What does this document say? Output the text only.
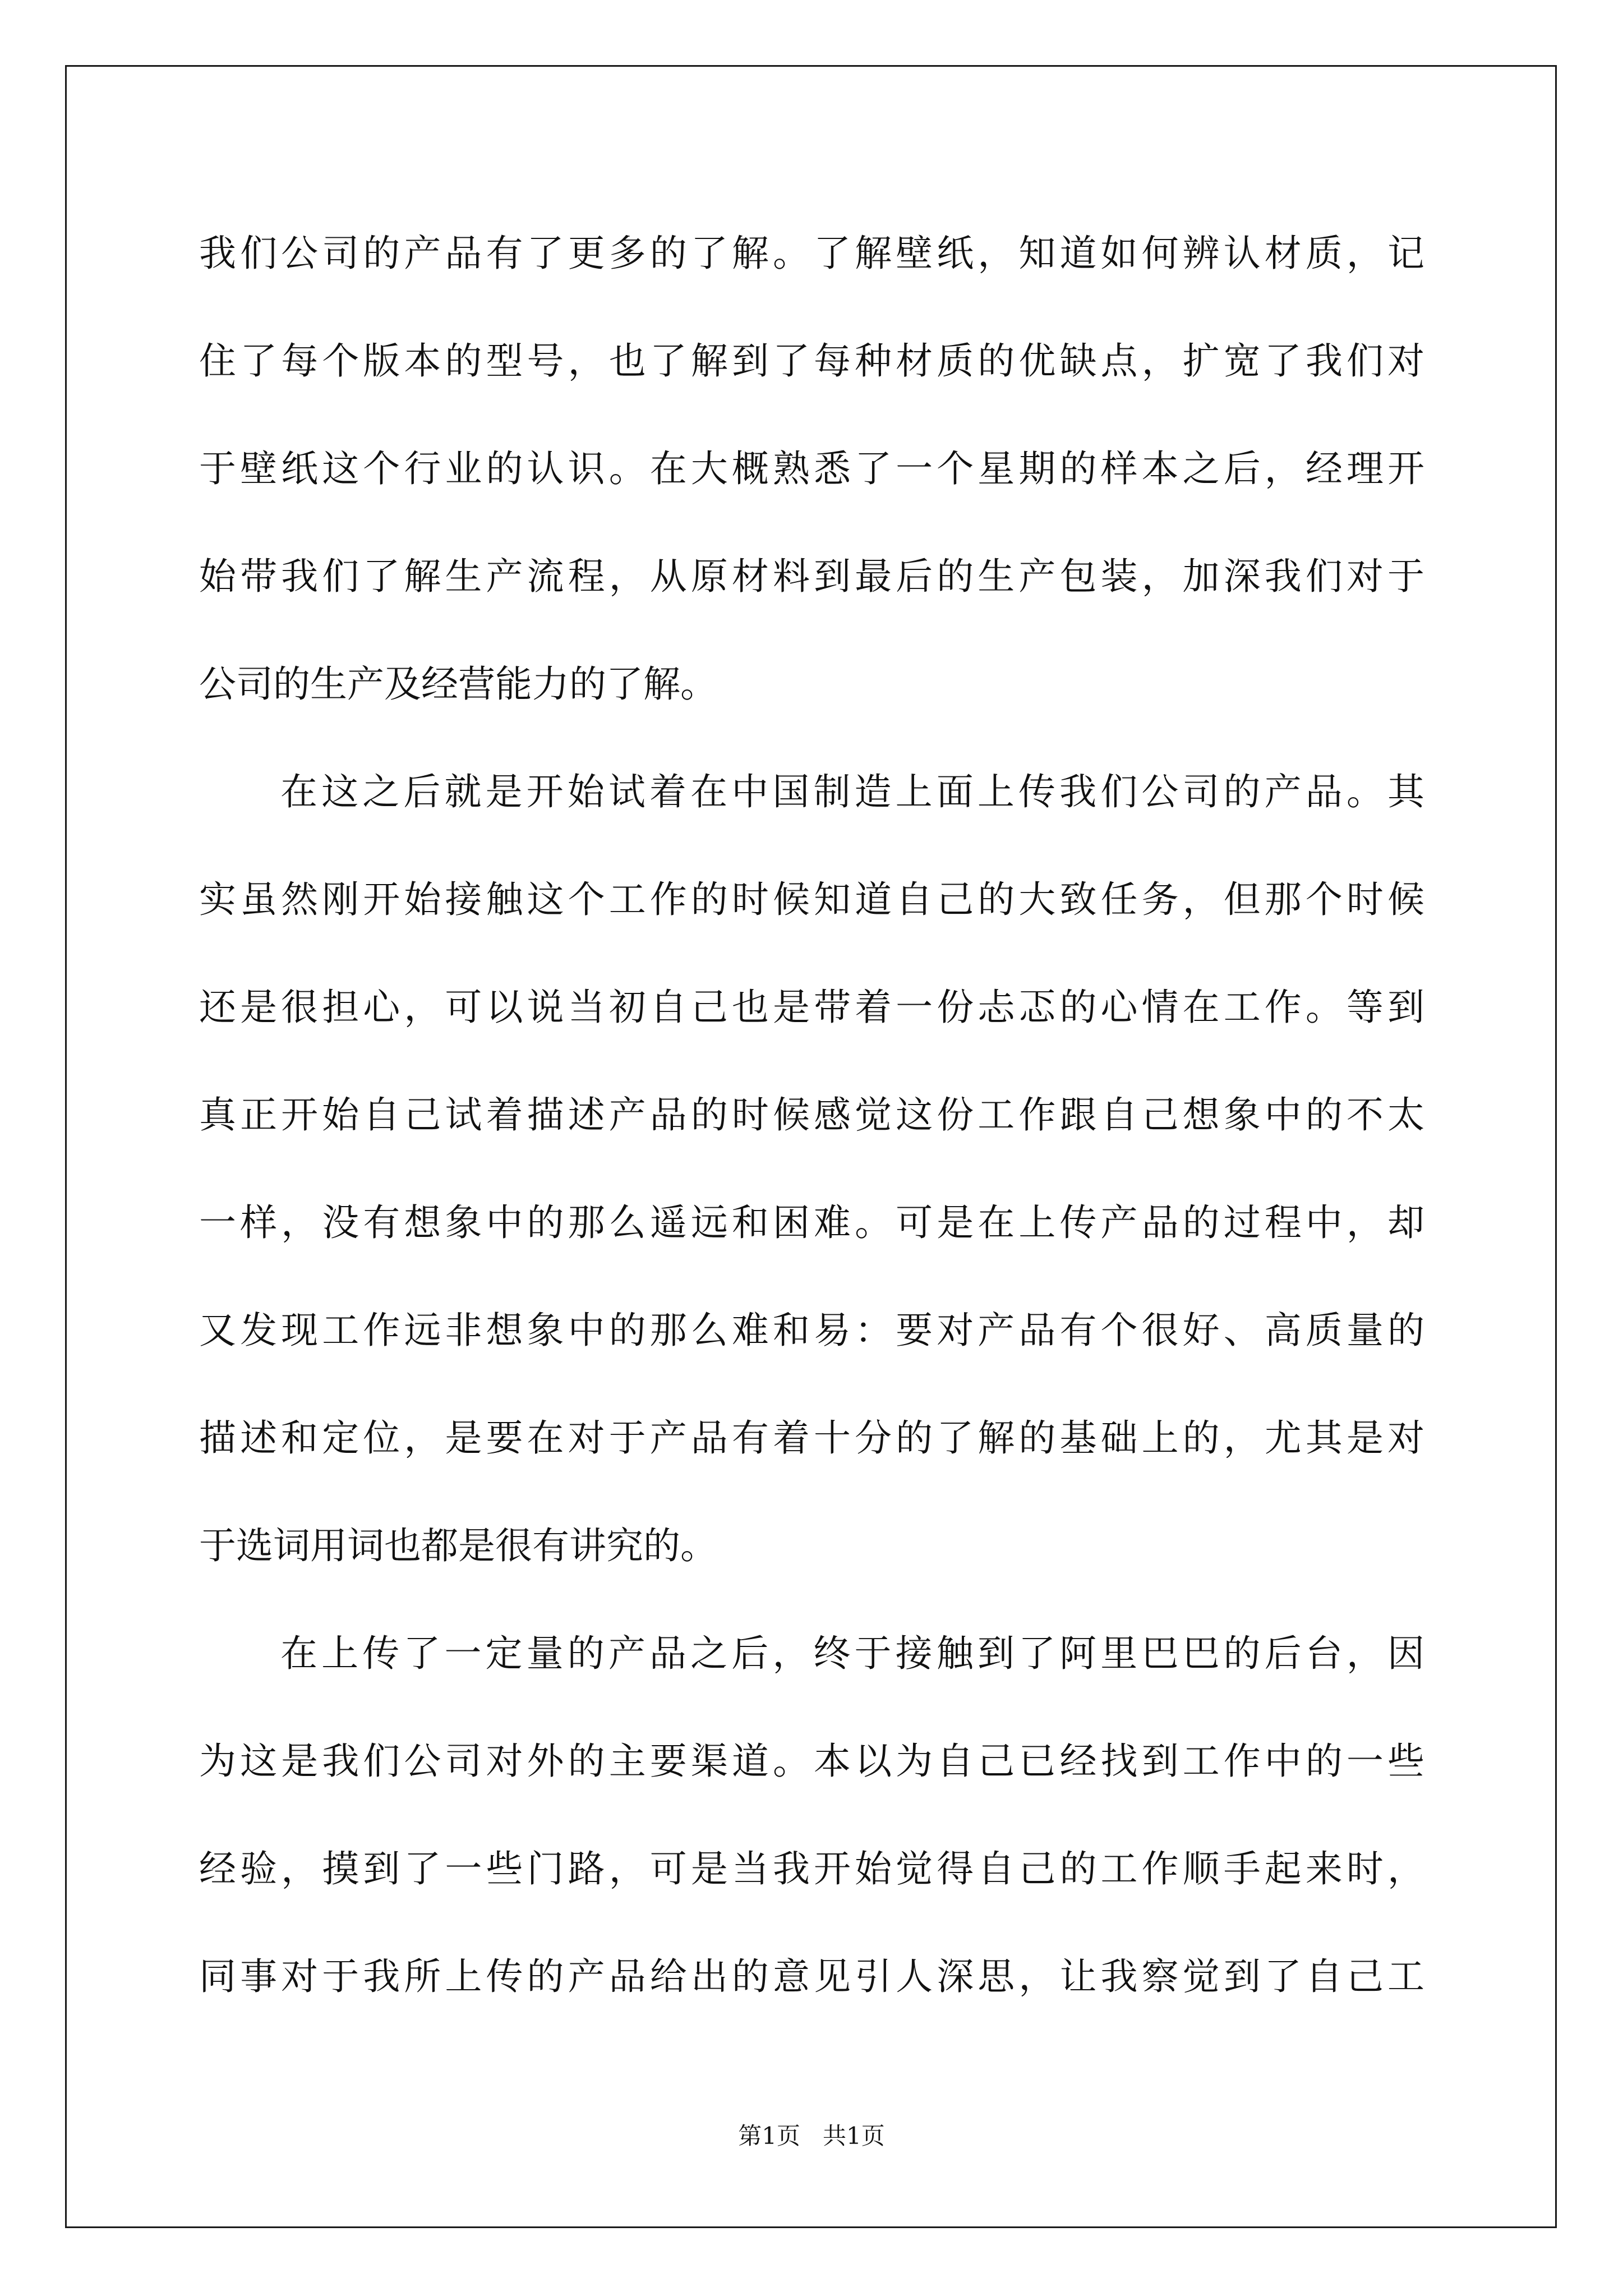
我们公司的产品有了更多的了解。了解壁纸，知道如何辨认材质，记
住了每个版本的型号，也了解到了每种材质的优缺点，扩宽了我们对
于壁纸这个行业的认识。在大概熟悉了一个星期的样本之后，经理开
始带我们了解生产流程，从原材料到最后的生产包装，加深我们对于
公司的生产及经营能力的了解。
在这之后就是开始试着在中国制造上面上传我们公司的产品。其
实虽然刚开始接触这个工作的时候知道自己的大致任务，但那个时候
还是很担心，可以说当初自己也是带着一份忐忑的心情在工作。等到
真正开始自己试着描述产品的时候感觉这份工作跟自己想象中的不太
一样，没有想象中的那么遥远和困难。可是在上传产品的过程中，却
又发现工作远非想象中的那么难和易：要对产品有个很好、高质量的
描述和定位，是要在对于产品有着十分的了解的基础上的，尤其是对
于选词用词也都是很有讲究的。
在上传了一定量的产品之后，终于接触到了阿里巴巴的后台，因
为这是我们公司对外的主要渠道。本以为自己已经找到工作中的一些
经验，摸到了一些门路，可是当我开始觉得自己的工作顺手起来时，
同事对于我所上传的产品给出的意见引人深思，让我察觉到了自己工
第1页 共1页
